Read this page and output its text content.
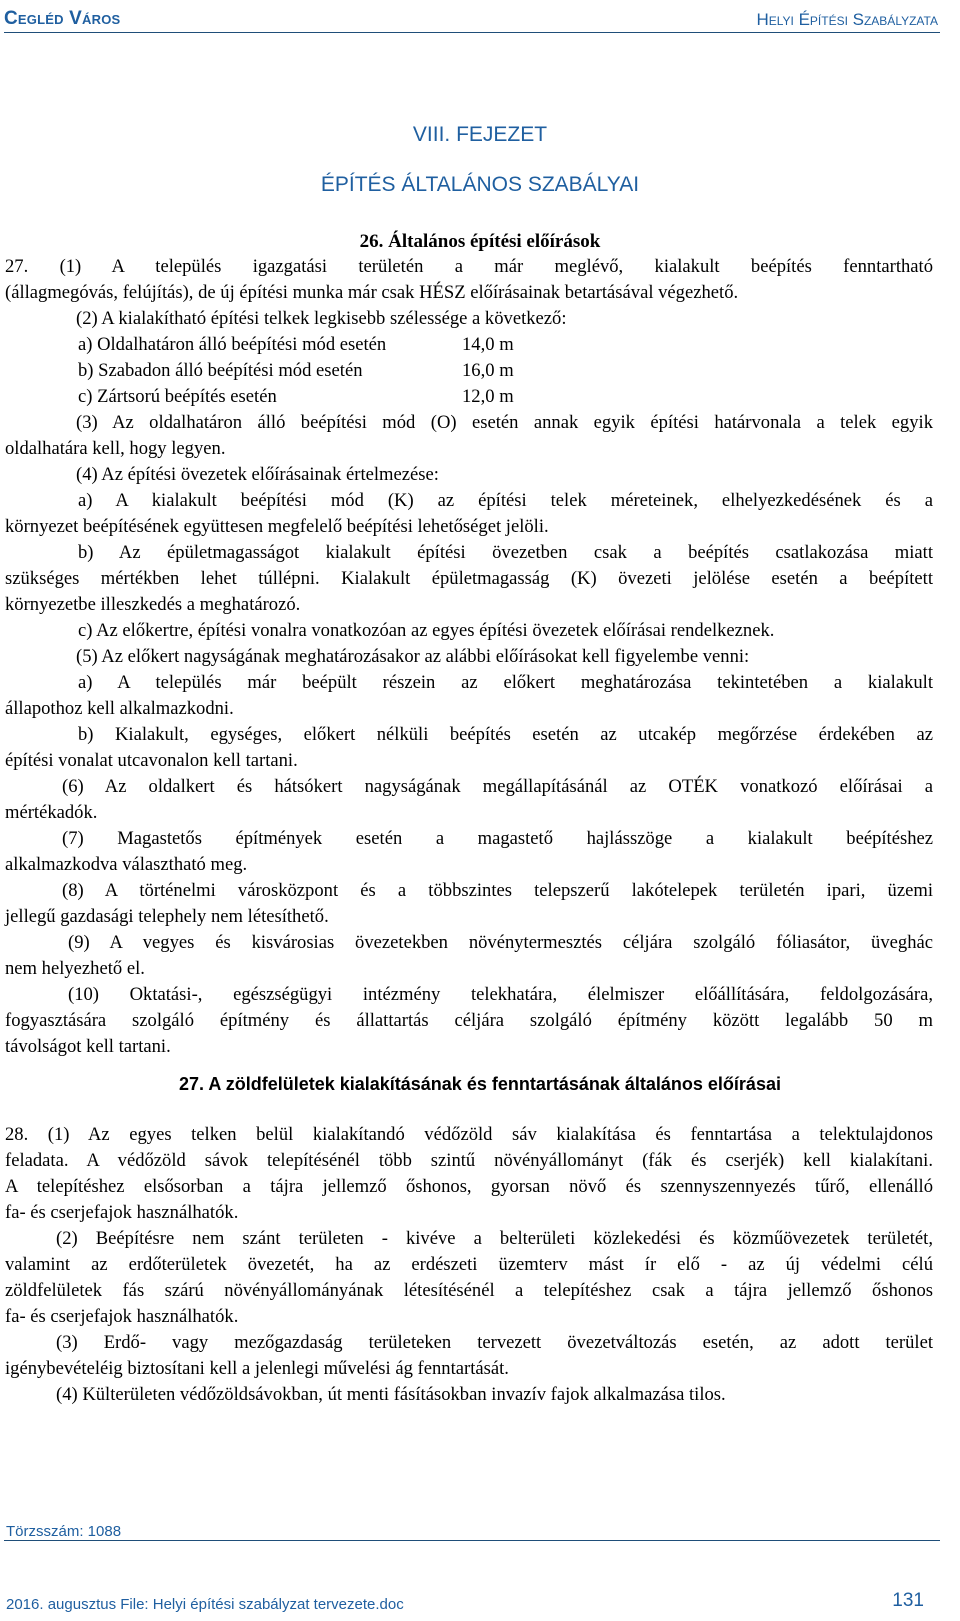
Cegléd Város	Helyi Építési Szabályzata
VIII. FEJEZET
ÉPÍTÉS ÁLTALÁNOS SZABÁLYAI
26. Általános építési előírások
27. (1) A település igazgatási területén a már meglévő, kialakult beépítés fenntartható
(állagmegóvás, felújítás), de új építési munka már csak HÉSZ előírásainak betartásával végezhető.
(2) A kialakítható építési telkek legkisebb szélessége a következő:
a) Oldalhatáron álló beépítési mód esetén	14,0 m
b) Szabadon álló beépítési mód esetén	16,0 m
c) Zártsorú beépítés esetén	12,0 m
(3) Az oldalhatáron álló beépítési mód (O) esetén annak egyik építési határvonala a telek egyik
oldalhatára kell, hogy legyen.
(4) Az építési övezetek előírásainak értelmezése:
a) A kialakult beépítési mód (K) az építési telek méreteinek, elhelyezkedésének és a
környezet beépítésének együttesen megfelelő beépítési lehetőséget jelöli.
b) Az épületmagasságot kialakult építési övezetben csak a beépítés csatlakozása miatt
szükséges mértékben lehet túllépni. Kialakult épületmagasság (K) övezeti jelölése esetén a beépített
környezetbe illeszkedés a meghatározó.
c) Az előkertre, építési vonalra vonatkozóan az egyes építési övezetek előírásai rendelkeznek.
(5) Az előkert nagyságának meghatározásakor az alábbi előírásokat kell figyelembe venni:
a) A település már beépült részein az előkert meghatározása tekintetében a kialakult
állapothoz kell alkalmazkodni.
b) Kialakult, egységes, előkert nélküli beépítés esetén az utcakép megőrzése érdekében az
építési vonalat utcavonalon kell tartani.
(6) Az oldalkert és hátsókert nagyságának megállapításánál az OTÉK vonatkozó előírásai a
mértékadók.
(7) Magastetős építmények esetén a magastető hajlásszöge a kialakult beépítéshez
alkalmazkodva választható meg.
(8) A történelmi városközpont és a többszintes telepszerű lakótelepek területén ipari, üzemi
jellegű gazdasági telephely nem létesíthető.
(9) A vegyes és kisvárosias övezetekben növénytermesztés céljára szolgáló fóliasátor, üveghác
nem helyezhető el.
(10) Oktatási-, egészségügyi intézmény telekhatára, élelmiszer előállítására, feldolgozására,
fogyasztására szolgáló építmény és állattartás céljára szolgáló építmény között legalább 50 m
távolságot kell tartani.
27. A zöldfelületek kialakításának és fenntartásának általános előírásai
28. (1) Az egyes telken belül kialakítandó védőzöld sáv kialakítása és fenntartása a telektulajdonos
feladata. A védőzöld sávok telepítésénél több szintű növényállományt (fák és cserjék) kell kialakítani.
A telepítéshez elsősorban a tájra jellemző őshonos, gyorsan növő és szennyszennyezés tűrő, ellenálló
fa- és cserjefajok használhatók.
(2) Beépítésre nem szánt területen - kivéve a belterületi közlekedési és közműövezetek területét,
valamint az erdőterületek övezetét, ha az erdészeti üzemterv mást ír elő - az új védelmi célú
zöldfelületek fás szárú növényállományának létesítésénél a telepítéshez csak a tájra jellemző őshonos
fa- és cserjefajok használhatók.
(3) Erdő- vagy mezőgazdaság területeken tervezett övezetváltozás esetén, az adott terület
igénybevételéig biztosítani kell a jelenlegi művelési ág fenntartását.
(4) Külterületen védőzöldsávokban, út menti fásításokban invazív fajok alkalmazása tilos.
Törzsszám: 1088
2016. augusztus File: Helyi építési szabályzat tervezete.doc	131
